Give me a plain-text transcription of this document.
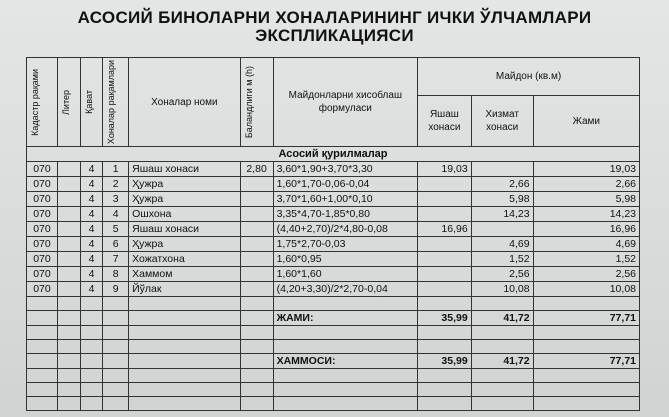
АСОСИЙ БИНОЛАРНИ ХОНАЛАРИНИНГ ИЧКИ ЎЛЧАМЛАРИ
ЭКСПЛИКАЦИЯСИ
Кадастр рақами	Литер	Қават	Хоналар рақамлари	Хоналар номи	Баландлиги м (h)	Майдонларни хисоблаш формуласи	Майдон (кв.м)		
							Яшаш хонаси	Хизмат хонаси	Жами
Асосий қурилмалар									
070		4	1	Яшаш хонаси	2,80	3,60*1,90+3,70*3,30	19,03		19,03
070		4	2	Ҳужра		1,60*1,70-0,06-0,04		2,66	2,66
070		4	3	Ҳужра		3,70*1,60+1,00*0,10		5,98	5,98
070		4	4	Ошхона		3,35*4,70-1,85*0,80		14,23	14,23
070		4	5	Яшаш хонаси		(4,40+2,70)/2*4,80-0,08	16,96		16,96
070		4	6	Ҳужра		1,75*2,70-0,03		4,69	4,69
070		4	7	Хожатхона		1,60*0,95		1,52	1,52
070		4	8	Хаммом		1,60*1,60		2,56	2,56
070		4	9	Йўлак		(4,20+3,30)/2*2,70-0,04		10,08	10,08

						ЖАМИ:	35,99	41,72	77,71

						ХАММОСИ:	35,99	41,72	77,71
